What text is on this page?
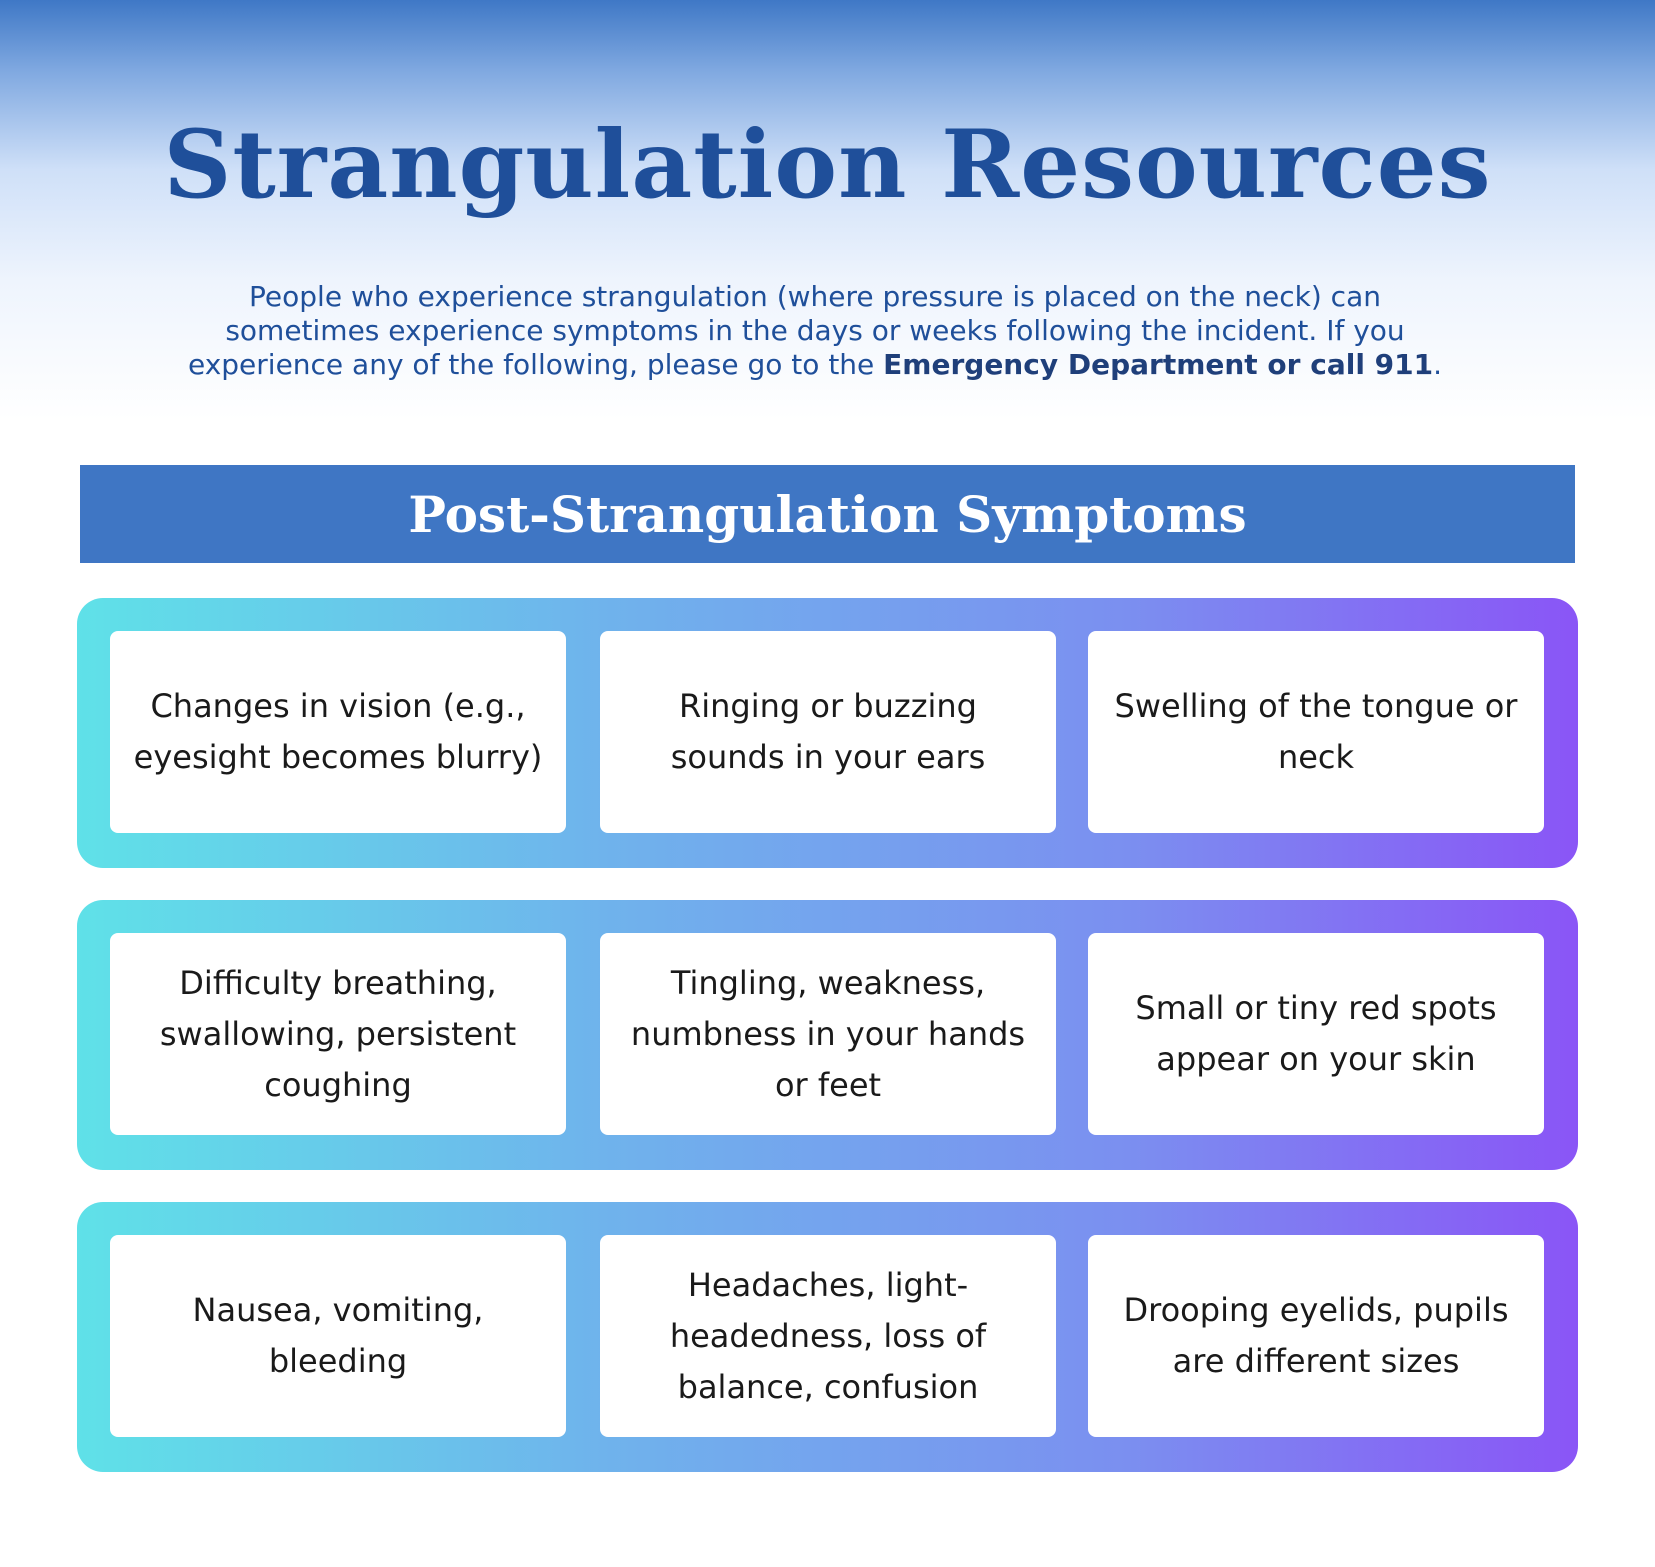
Strangulation Resources

People who experience strangulation (where pressure is placed on the neck) can sometimes experience symptoms in the days or weeks following the incident. If you experience any of the following, please go to the Emergency Department or call 911.

Post-Strangulation Symptoms
Changes in vision (e.g., eyesight becomes blurry)
Ringing or buzzing sounds in your ears
Swelling of the tongue or neck
Difficulty breathing, swallowing, persistent coughing
Tingling, weakness, numbness in your hands or feet
Small or tiny red spots appear on your skin
Nausea, vomiting, bleeding
Headaches, light-headedness, loss of balance, confusion
Drooping eyelids, pupils are different sizes
